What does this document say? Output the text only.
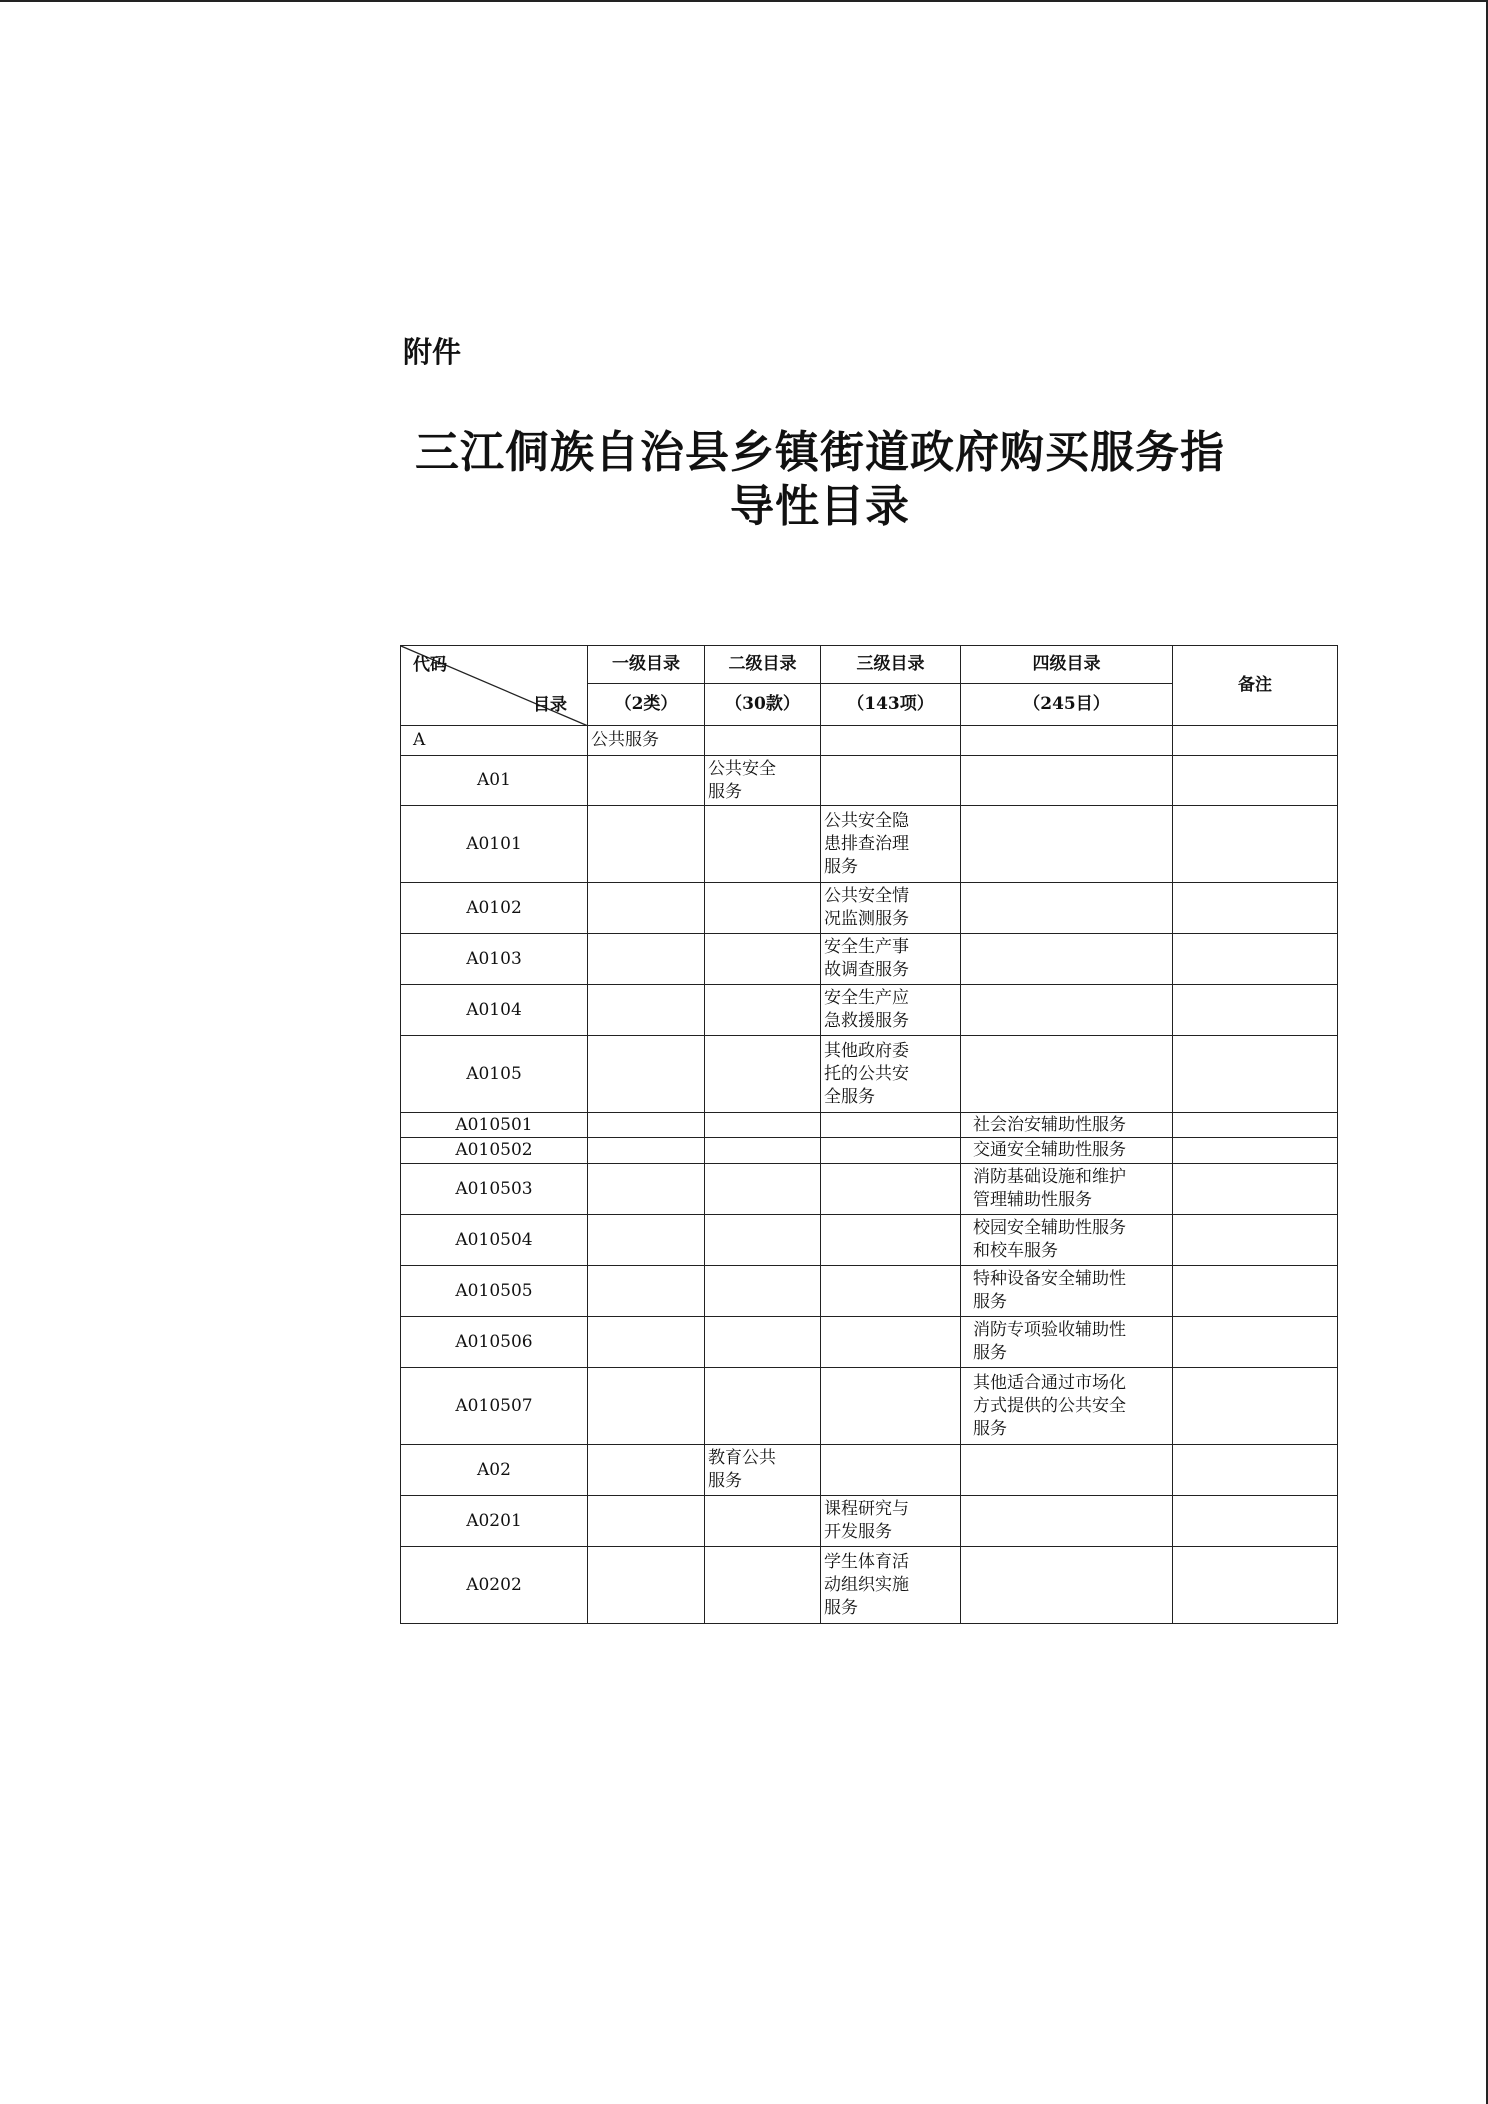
附件
三江侗族自治县乡镇街道政府购买服务指
导性目录
代码
目录	一级目录	二级目录	三级目录	四级目录	备注
	（2类）	（30款）	（143项）	（245目）	
A	公共服务				
A01		公共安全
服务			
A0101			公共安全隐
患排查治理
服务		
A0102			公共安全情
况监测服务		
A0103			安全生产事
故调查服务		
A0104			安全生产应
急救援服务		
A0105			其他政府委
托的公共安
全服务		
A010501				社会治安辅助性服务	
A010502				交通安全辅助性服务	
A010503				消防基础设施和维护
管理辅助性服务	
A010504				校园安全辅助性服务
和校车服务	
A010505				特种设备安全辅助性
服务	
A010506				消防专项验收辅助性
服务	
A010507				其他适合通过市场化
方式提供的公共安全
服务	
A02		教育公共
服务			
A0201			课程研究与
开发服务		
A0202			学生体育活
动组织实施
服务		
